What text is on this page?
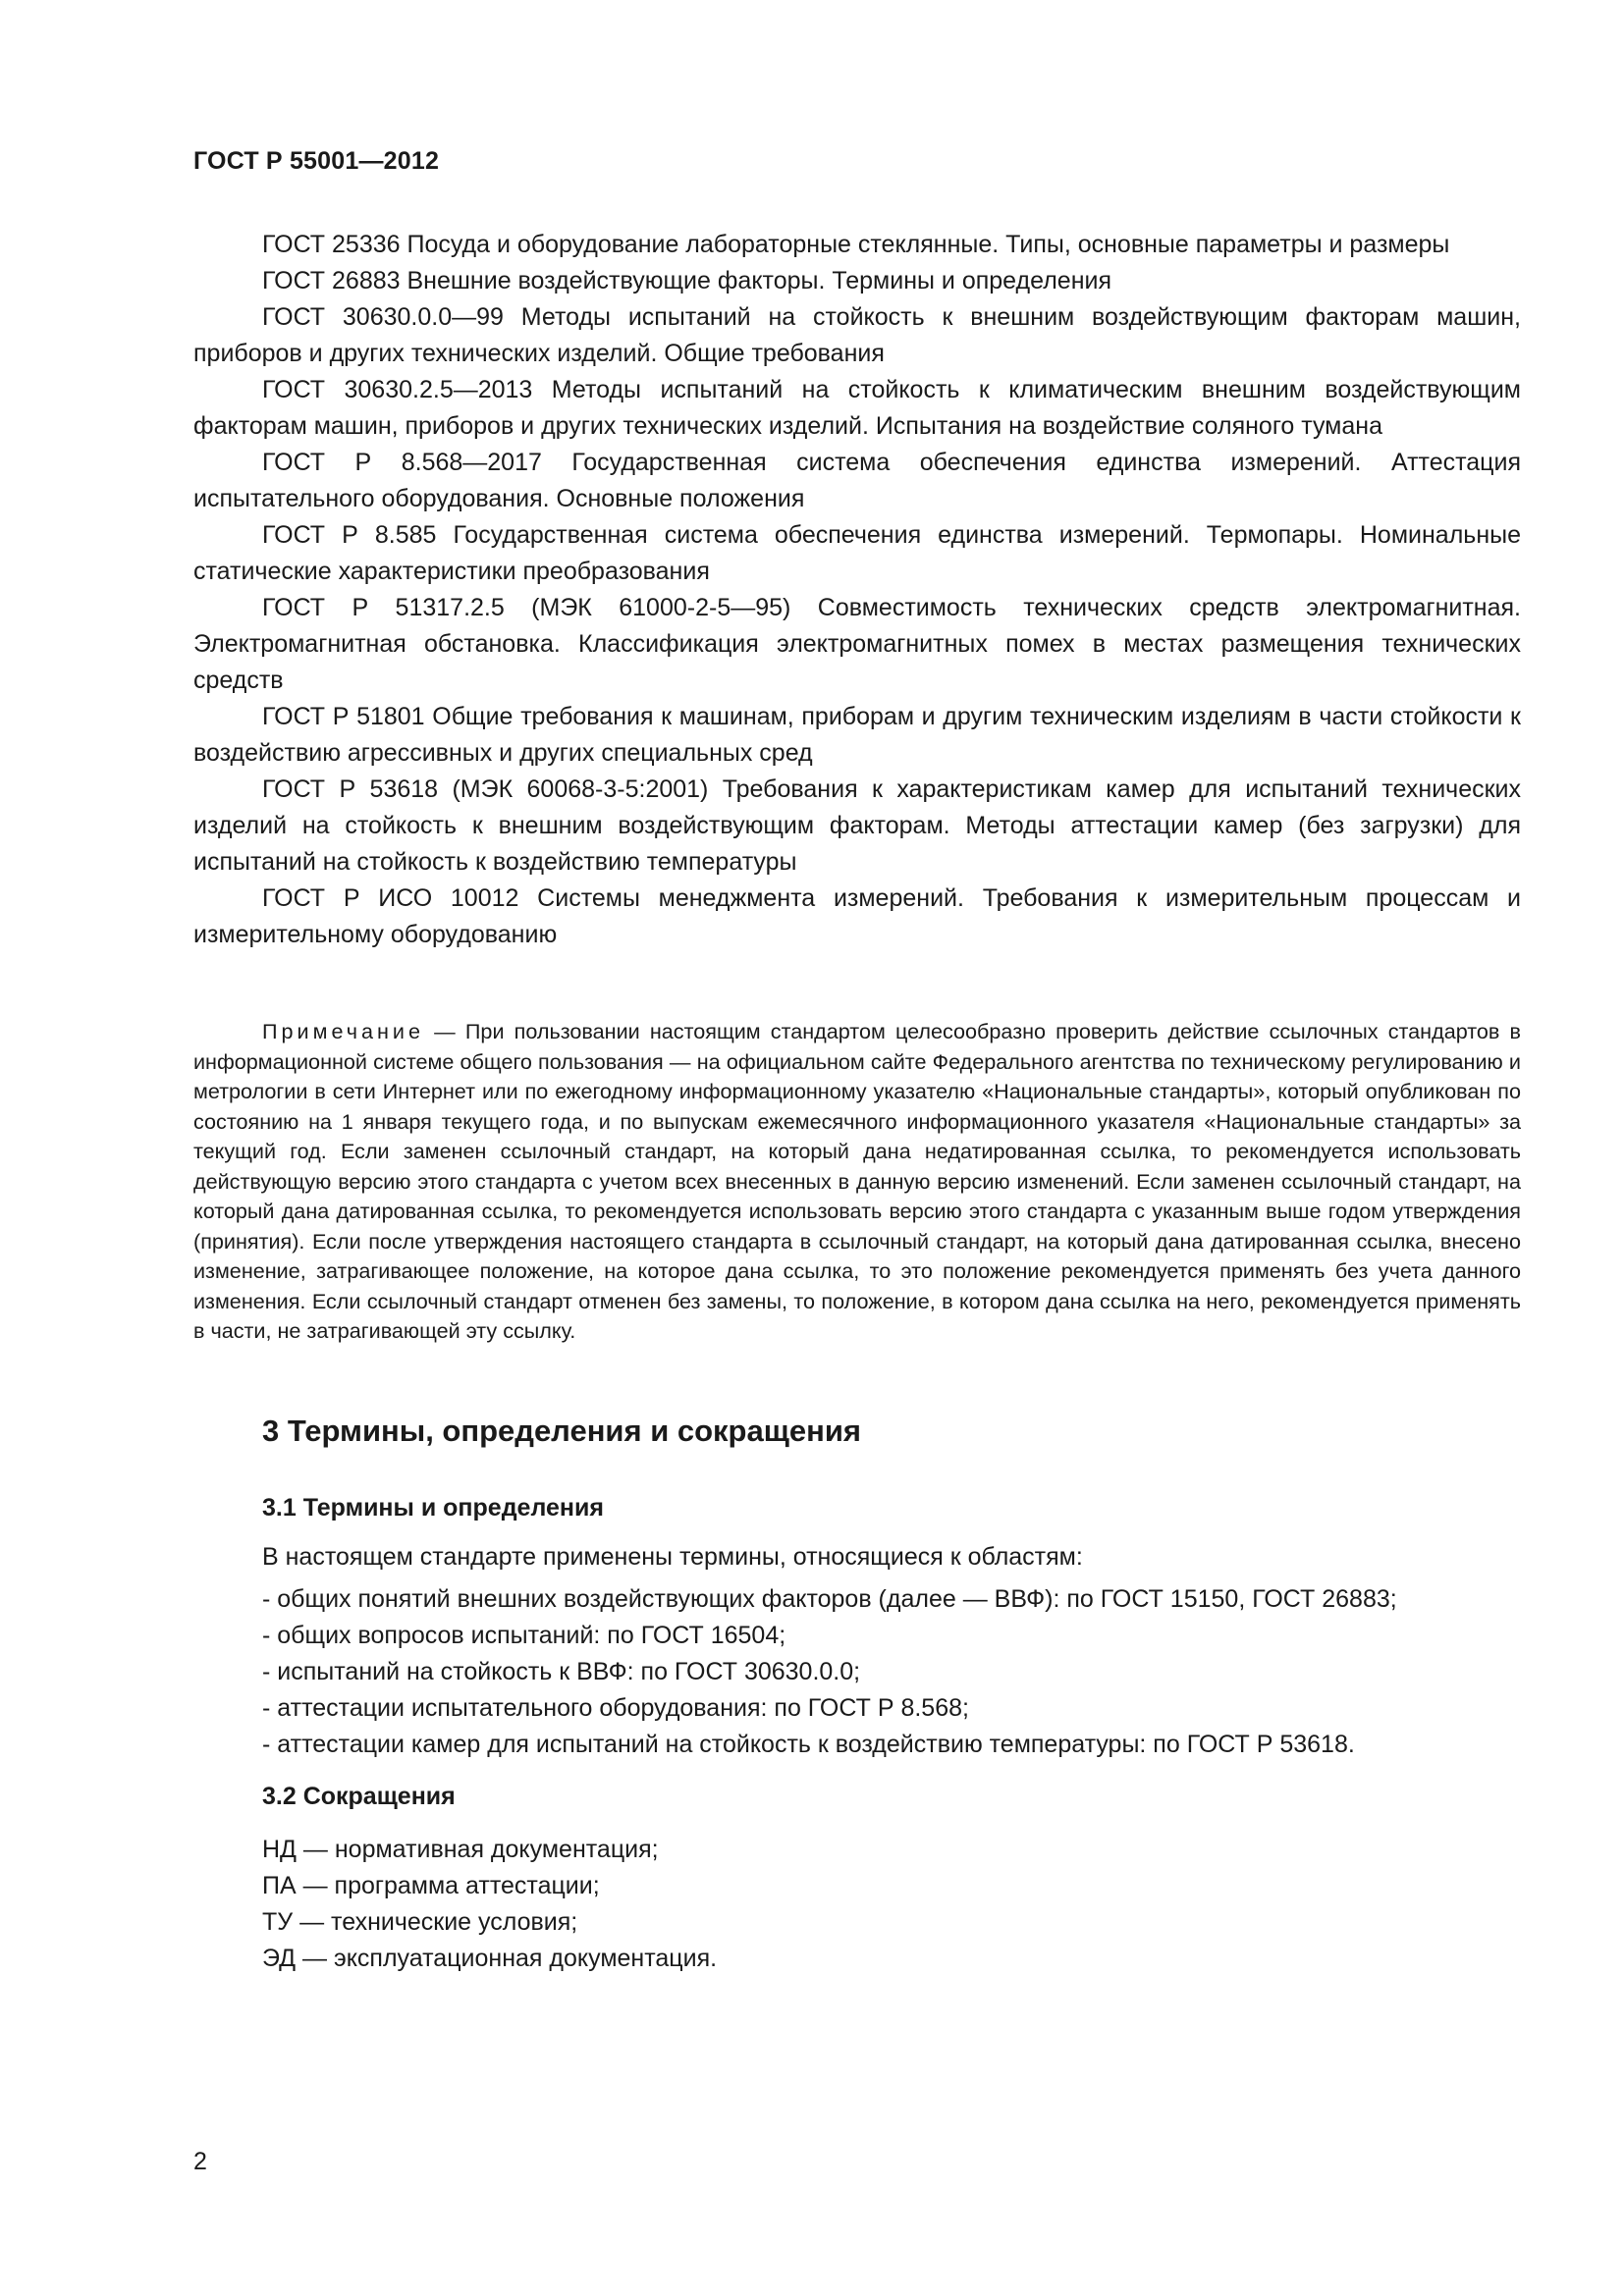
ГОСТ Р 55001—2012

ГОСТ 25336 Посуда и оборудование лабораторные стеклянные. Типы, основные параметры и размеры

ГОСТ 26883 Внешние воздействующие факторы. Термины и определения

ГОСТ 30630.0.0—99 Методы испытаний на стойкость к внешним воздействующим факторам машин, приборов и других технических изделий. Общие требования

ГОСТ 30630.2.5—2013 Методы испытаний на стойкость к климатическим внешним воздействующим факторам машин, приборов и других технических изделий. Испытания на воздействие соляного тумана

ГОСТ Р 8.568—2017 Государственная система обеспечения единства измерений. Аттестация испытательного оборудования. Основные положения

ГОСТ Р 8.585 Государственная система обеспечения единства измерений. Термопары. Номинальные статические характеристики преобразования

ГОСТ Р 51317.2.5 (МЭК 61000-2-5—95) Совместимость технических средств электромагнитная. Электромагнитная обстановка. Классификация электромагнитных помех в местах размещения технических средств

ГОСТ Р 51801 Общие требования к машинам, приборам и другим техническим изделиям в части стойкости к воздействию агрессивных и других специальных сред

ГОСТ Р 53618 (МЭК 60068-3-5:2001) Требования к характеристикам камер для испытаний технических изделий на стойкость к внешним воздействующим факторам. Методы аттестации камер (без загрузки) для испытаний на стойкость к воздействию температуры

ГОСТ Р ИСО 10012 Системы менеджмента измерений. Требования к измерительным процессам и измерительному оборудованию

Примечание — При пользовании настоящим стандартом целесообразно проверить действие ссылочных стандартов в информационной системе общего пользования — на официальном сайте Федерального агентства по техническому регулированию и метрологии в сети Интернет или по ежегодному информационному указателю «Национальные стандарты», который опубликован по состоянию на 1 января текущего года, и по выпускам ежемесячного информационного указателя «Национальные стандарты» за текущий год. Если заменен ссылочный стандарт, на который дана недатированная ссылка, то рекомендуется использовать действующую версию этого стандарта с учетом всех внесенных в данную версию изменений. Если заменен ссылочный стандарт, на который дана датированная ссылка, то рекомендуется использовать версию этого стандарта с указанным выше годом утверждения (принятия). Если после утверждения настоящего стандарта в ссылочный стандарт, на который дана датированная ссылка, внесено изменение, затрагивающее положение, на которое дана ссылка, то это положение рекомендуется применять без учета данного изменения. Если ссылочный стандарт отменен без замены, то положение, в котором дана ссылка на него, рекомендуется применять в части, не затрагивающей эту ссылку.

3 Термины, определения и сокращения
3.1 Термины и определения

В настоящем стандарте применены термины, относящиеся к областям:

- общих понятий внешних воздействующих факторов (далее — ВВФ): по ГОСТ 15150, ГОСТ 26883;
- общих вопросов испытаний: по ГОСТ 16504;
- испытаний на стойкость к ВВФ: по ГОСТ 30630.0.0;
- аттестации испытательного оборудования: по ГОСТ Р 8.568;
- аттестации камер для испытаний на стойкость к воздействию температуры: по ГОСТ Р 53618.
3.2 Сокращения
НД — нормативная документация;
ПА — программа аттестации;
ТУ — технические условия;
ЭД — эксплуатационная документация.
2
